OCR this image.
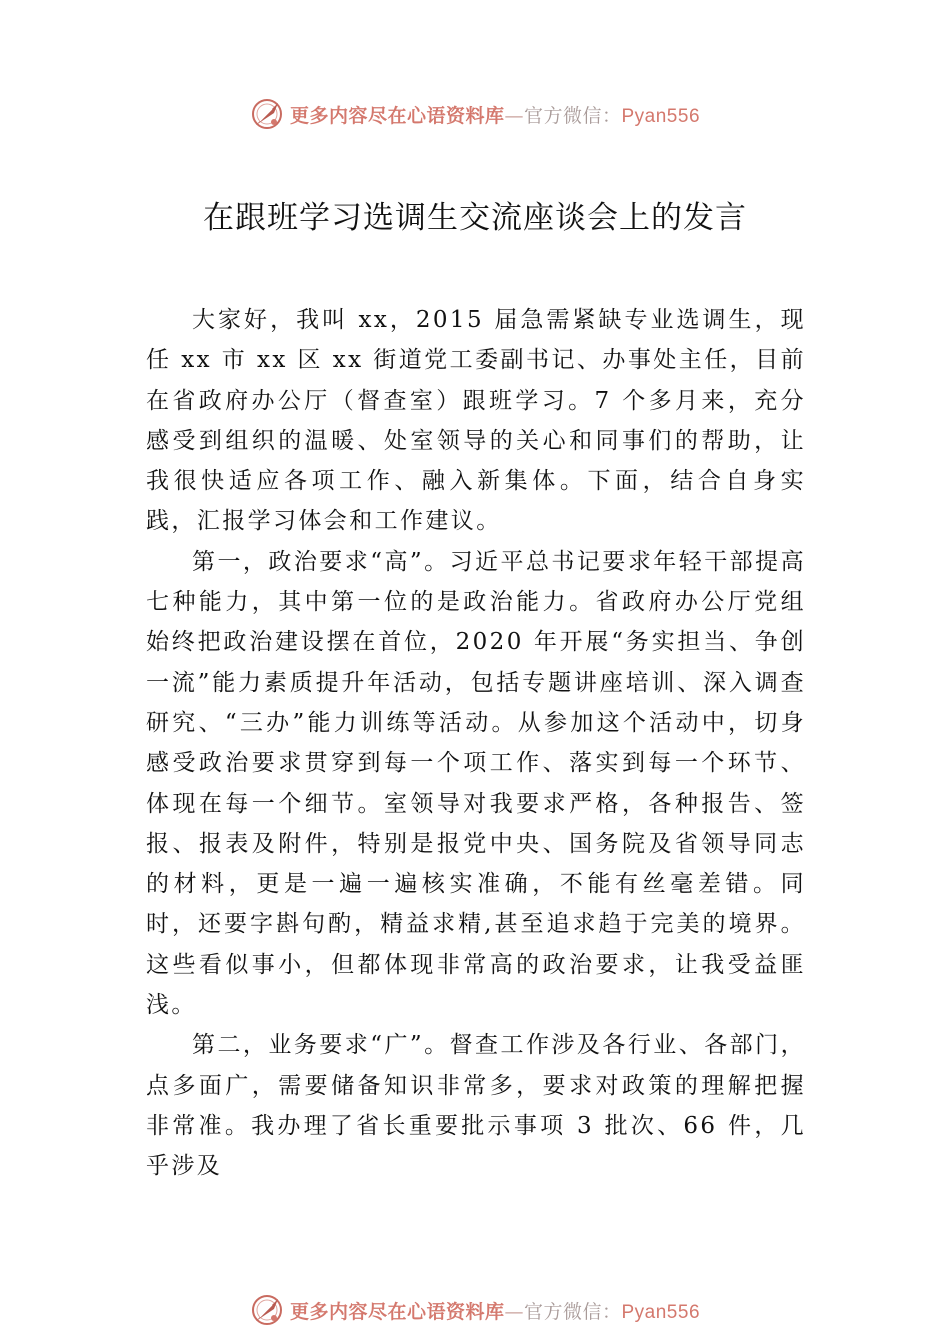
更多内容尽在心语资料库—官方微信：Pyan556
在跟班学习选调生交流座谈会上的发言

大家好，我叫 xx，2015 届急需紧缺专业选调生，现任 xx 市 xx 区 xx 街道党工委副书记、办事处主任，目前在省政府办公厅（督查室）跟班学习。7 个多月来，充分感受到组织的温暖、处室领导的关心和同事们的帮助，让我很快适应各项工作、融入新集体。下面，结合自身实践，汇报学习体会和工作建议。

第一，政治要求“高”。习近平总书记要求年轻干部提高七种能力，其中第一位的是政治能力。省政府办公厅党组始终把政治建设摆在首位，2020 年开展“务实担当、争创一流”能力素质提升年活动，包括专题讲座培训、深入调查研究、“三办”能力训练等活动。从参加这个活动中，切身感受政治要求贯穿到每一个项工作、落实到每一个环节、体现在每一个细节。室领导对我要求严格，各种报告、签报、报表及附件，特别是报党中央、国务院及省领导同志的材料，更是一遍一遍核实准确，不能有丝毫差错。同时，还要字斟句酌，精益求精,甚至追求趋于完美的境界。这些看似事小，但都体现非常高的政治要求，让我受益匪浅。

第二，业务要求“广”。督查工作涉及各行业、各部门，点多面广，需要储备知识非常多，要求对政策的理解把握非常准。我办理了省长重要批示事项 3 批次、66 件，几乎涉及

更多内容尽在心语资料库—官方微信：Pyan556
